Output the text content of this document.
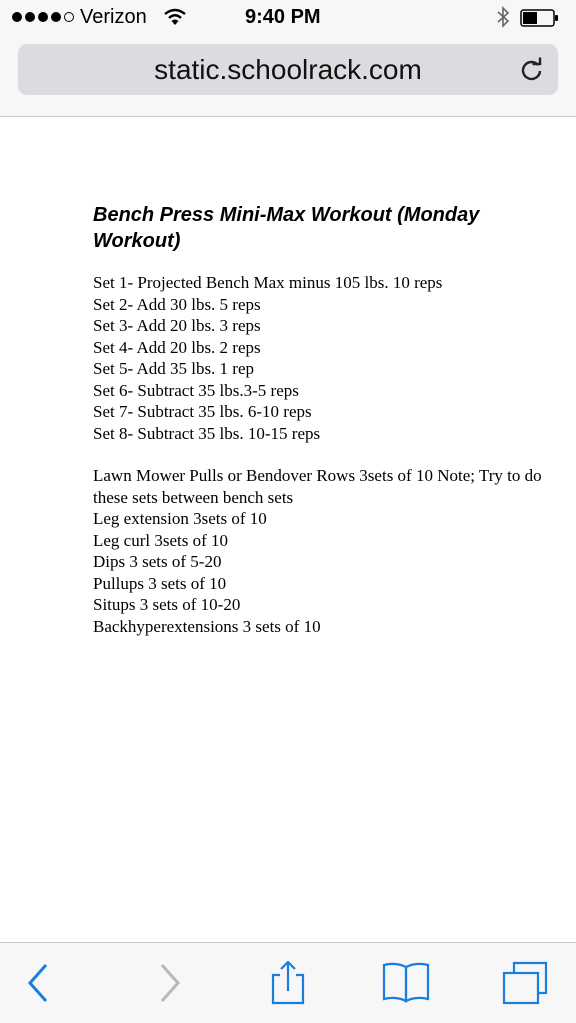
Verizon	9:40 PM
static.schoolrack.com
Bench Press Mini-Max Workout (Monday Workout)
Set 1- Projected Bench Max minus 105 lbs. 10 reps
Set 2- Add 30 lbs. 5 reps
Set 3- Add 20 lbs. 3 reps
Set 4- Add 20 lbs. 2 reps
Set 5- Add 35 lbs. 1 rep
Set 6- Subtract 35 lbs.3-5 reps
Set 7- Subtract 35 lbs. 6-10 reps
Set 8- Subtract 35 lbs. 10-15 reps
Lawn Mower Pulls or Bendover Rows 3sets of 10 Note; Try to do these sets between bench sets
Leg extension 3sets of 10
Leg curl 3sets of 10
Dips 3 sets of 5-20
Pullups 3 sets of 10
Situps 3 sets of 10-20
Backhyperextensions 3 sets of 10
